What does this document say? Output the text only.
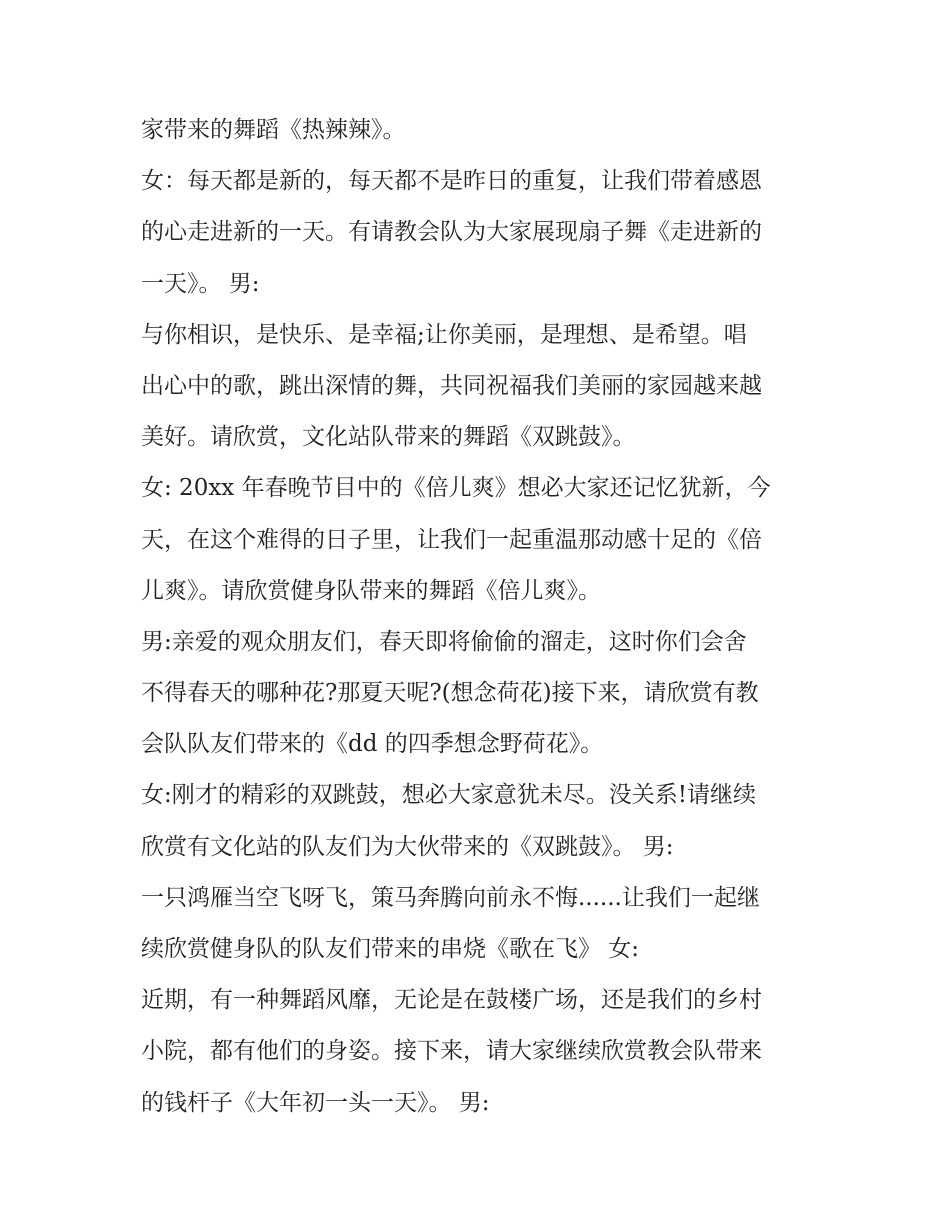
家带来的舞蹈《热辣辣》。
女：每天都是新的，每天都不是昨日的重复，让我们带着感恩
的心走进新的一天。有请教会队为大家展现扇子舞《走进新的
一天》。 男:
与你相识，是快乐、是幸福;让你美丽，是理想、是希望。唱
出心中的歌，跳出深情的舞，共同祝福我们美丽的家园越来越
美好。请欣赏，文化站队带来的舞蹈《双跳鼓》。
女: 20xx 年春晚节目中的《倍儿爽》想必大家还记忆犹新，今
天，在这个难得的日子里，让我们一起重温那动感十足的《倍
儿爽》。请欣赏健身队带来的舞蹈《倍儿爽》。
男:亲爱的观众朋友们，春天即将偷偷的溜走，这时你们会舍
不得春天的哪种花?那夏天呢?(想念荷花)接下来，请欣赏有教
会队队友们带来的《dd 的四季想念野荷花》。
女:刚才的精彩的双跳鼓，想必大家意犹未尽。没关系!请继续
欣赏有文化站的队友们为大伙带来的《双跳鼓》。 男:
一只鸿雁当空飞呀飞，策马奔腾向前永不悔......让我们一起继
续欣赏健身队的队友们带来的串烧《歌在飞》 女:
近期，有一种舞蹈风靡，无论是在鼓楼广场，还是我们的乡村
小院，都有他们的身姿。接下来，请大家继续欣赏教会队带来
的钱杆子《大年初一头一天》。 男:
